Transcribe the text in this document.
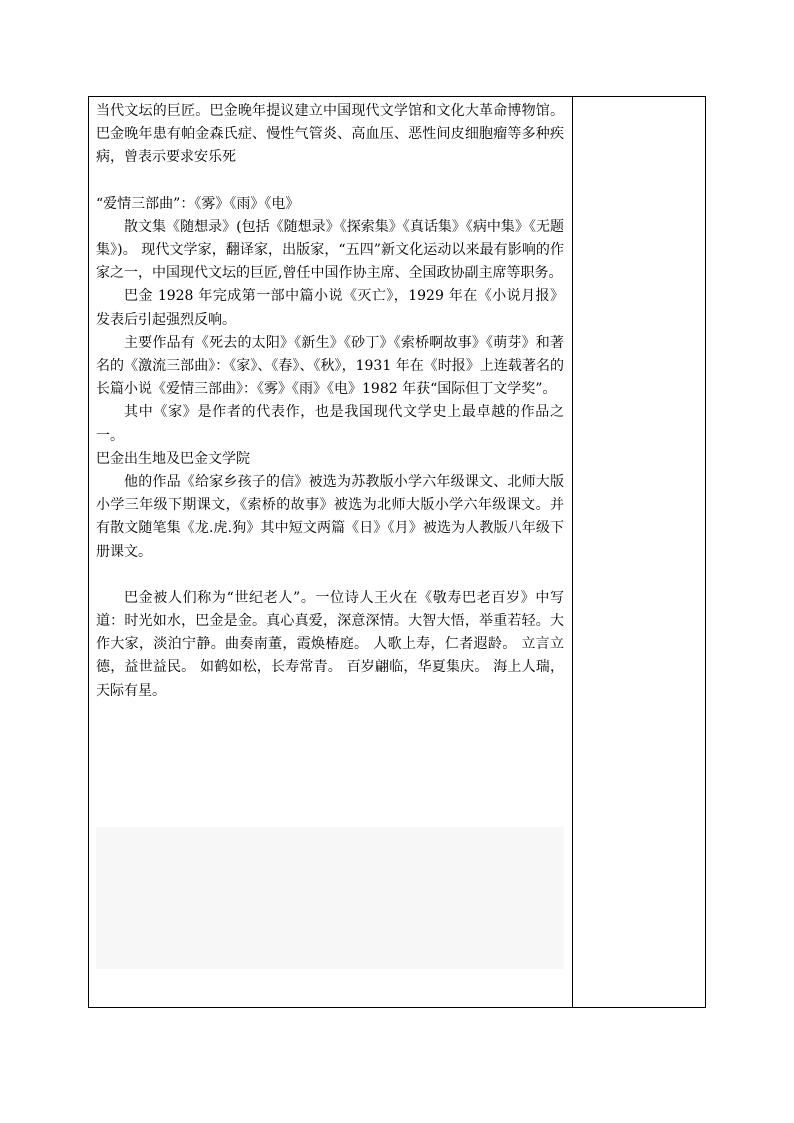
当代文坛的巨匠。巴金晚年提议建立中国现代文学馆和文化大革命博物馆。巴金晚年患有帕金森氏症、慢性气管炎、高血压、恶性间皮细胞瘤等多种疾病，曾表示要求安乐死

“爱情三部曲”：《雾》《雨》《电》

散文集《随想录》(包括《随想录》《探索集》《真话集》《病中集》《无题集》)。 现代文学家，翻译家，出版家，“五四”新文化运动以来最有影响的作家之一，中国现代文坛的巨匠,曾任中国作协主席、全国政协副主席等职务。

巴金 1928 年完成第一部中篇小说《灭亡》，1929 年在《小说月报》发表后引起强烈反响。

主要作品有《死去的太阳》《新生》《砂丁》《索桥啊故事》《萌芽》和著名的《激流三部曲》：《家》、《春》、《秋》，1931 年在《时报》上连载著名的长篇小说《爱情三部曲》：《雾》《雨》《电》1982 年获“国际但丁文学奖”。

其中《家》是作者的代表作，也是我国现代文学史上最卓越的作品之一。

巴金出生地及巴金文学院

他的作品《给家乡孩子的信》被选为苏教版小学六年级课文、北师大版小学三年级下期课文，《索桥的故事》被选为北师大版小学六年级课文。并有散文随笔集《龙.虎.狗》其中短文两篇《日》《月》被选为人教版八年级下册课文。

巴金被人们称为“世纪老人”。一位诗人王火在《敬寿巴老百岁》中写道：时光如水，巴金是金。真心真爱，深意深情。大智大悟，举重若轻。大作大家，淡泊宁静。曲奏南董，霞焕椿庭。 人歌上寿，仁者遐龄。 立言立德，益世益民。 如鹤如松，长寿常青。 百岁翩临，华夏集庆。 海上人瑞，天际有星。
